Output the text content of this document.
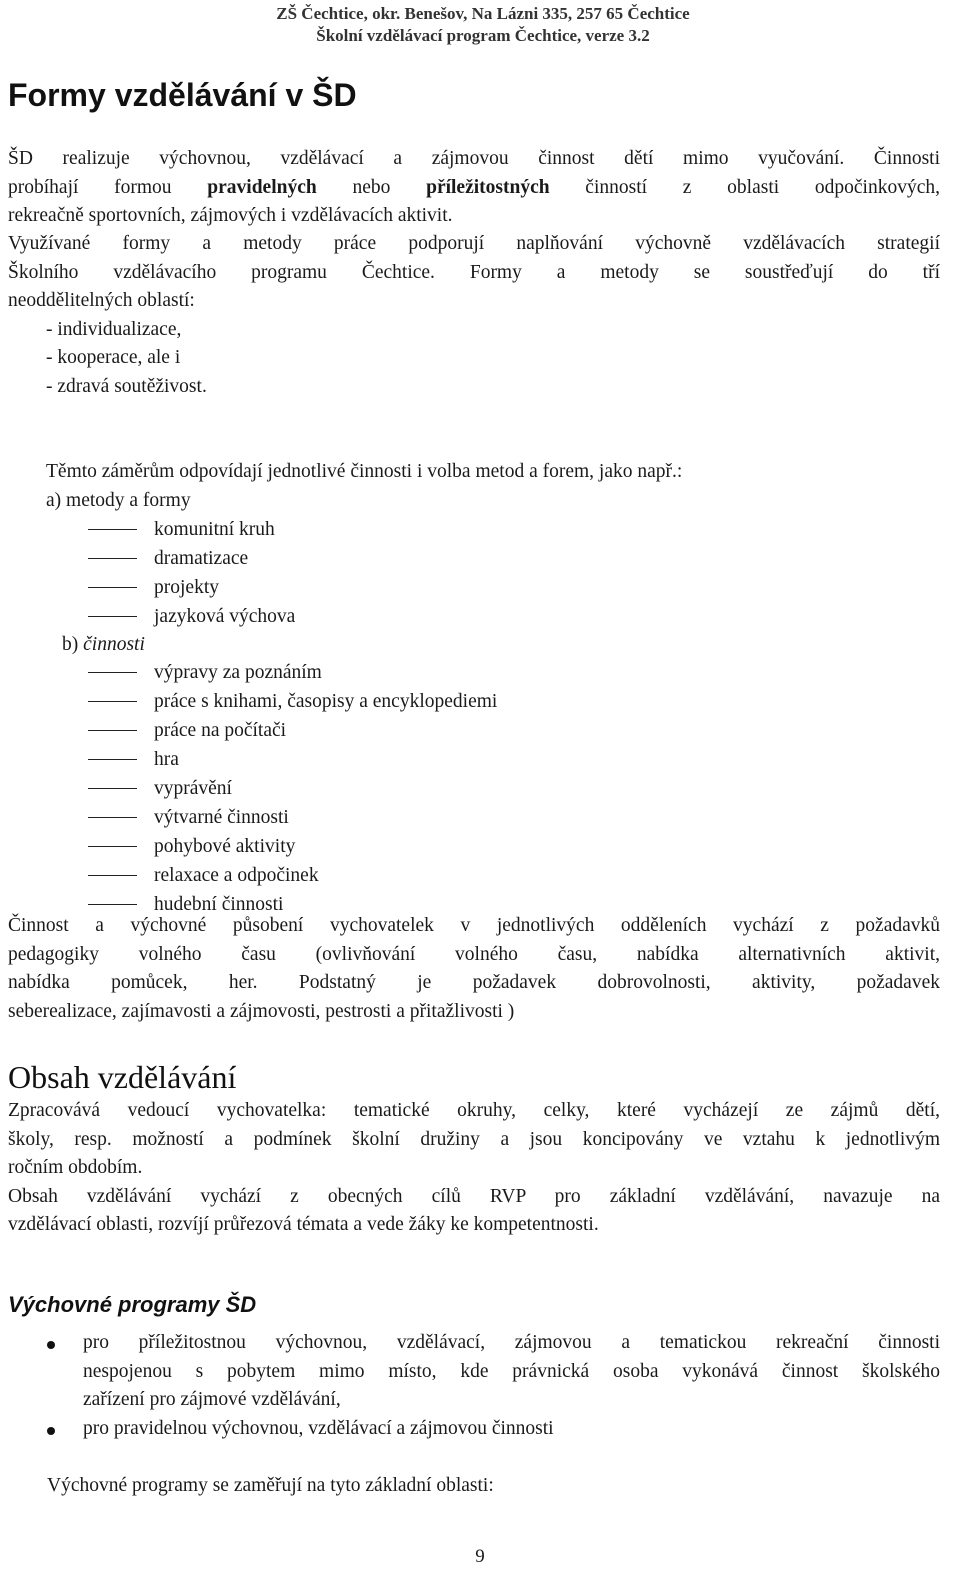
ZŠ Čechtice, okr. Benešov, Na Lázni 335, 257 65 Čechtice
Školní vzdělávací program Čechtice, verze 3.2
Formy vzdělávání v ŠD
ŠD realizuje výchovnou, vzdělávací a zájmovou činnost dětí mimo vyučování. Činnosti
probíhají formou pravidelných nebo příležitostných činností z oblasti odpočinkových,
rekreačně sportovních, zájmových i vzdělávacích aktivit.
Využívané formy a metody práce podporují naplňování výchovně vzdělávacích strategií
Školního vzdělávacího programu Čechtice. Formy a metody se soustřeďují do tří
neoddělitelných oblastí:
- individualizace,
- kooperace, ale i
- zdravá soutěživost.
Těmto záměrům odpovídají jednotlivé činnosti i volba metod a forem, jako např.:
a) metody a formy
komunitní kruh
dramatizace
projekty
jazyková výchova
b) činnosti
výpravy za poznáním
práce s knihami, časopisy a encyklopediemi
práce na počítači
hra
vyprávění
výtvarné činnosti
pohybové aktivity
relaxace a odpočinek
hudební činnosti
Činnost a výchovné působení vychovatelek v jednotlivých odděleních vychází z požadavků
pedagogiky volného času (ovlivňování volného času, nabídka alternativních aktivit,
nabídka pomůcek, her. Podstatný je požadavek dobrovolnosti, aktivity, požadavek
seberealizace, zajímavosti a zájmovosti, pestrosti a přitažlivosti )
Obsah vzdělávání
Zpracovává vedoucí vychovatelka: tematické okruhy, celky, které vycházejí ze zájmů dětí,
školy, resp. možností a podmínek školní družiny a jsou koncipovány ve vztahu k jednotlivým
ročním obdobím.
Obsah vzdělávání vychází z obecných cílů RVP pro základní vzdělávání, navazuje na
vzdělávací oblasti, rozvíjí průřezová témata a vede žáky ke kompetentnosti.
Výchovné programy ŠD
pro příležitostnou výchovnou, vzdělávací, zájmovou a tematickou rekreační činnosti
nespojenou s pobytem mimo místo, kde právnická osoba vykonává činnost školského
zařízení pro zájmové vzdělávání,
pro pravidelnou výchovnou, vzdělávací a zájmovou činnosti
Výchovné programy se zaměřují na tyto základní oblasti:
9
